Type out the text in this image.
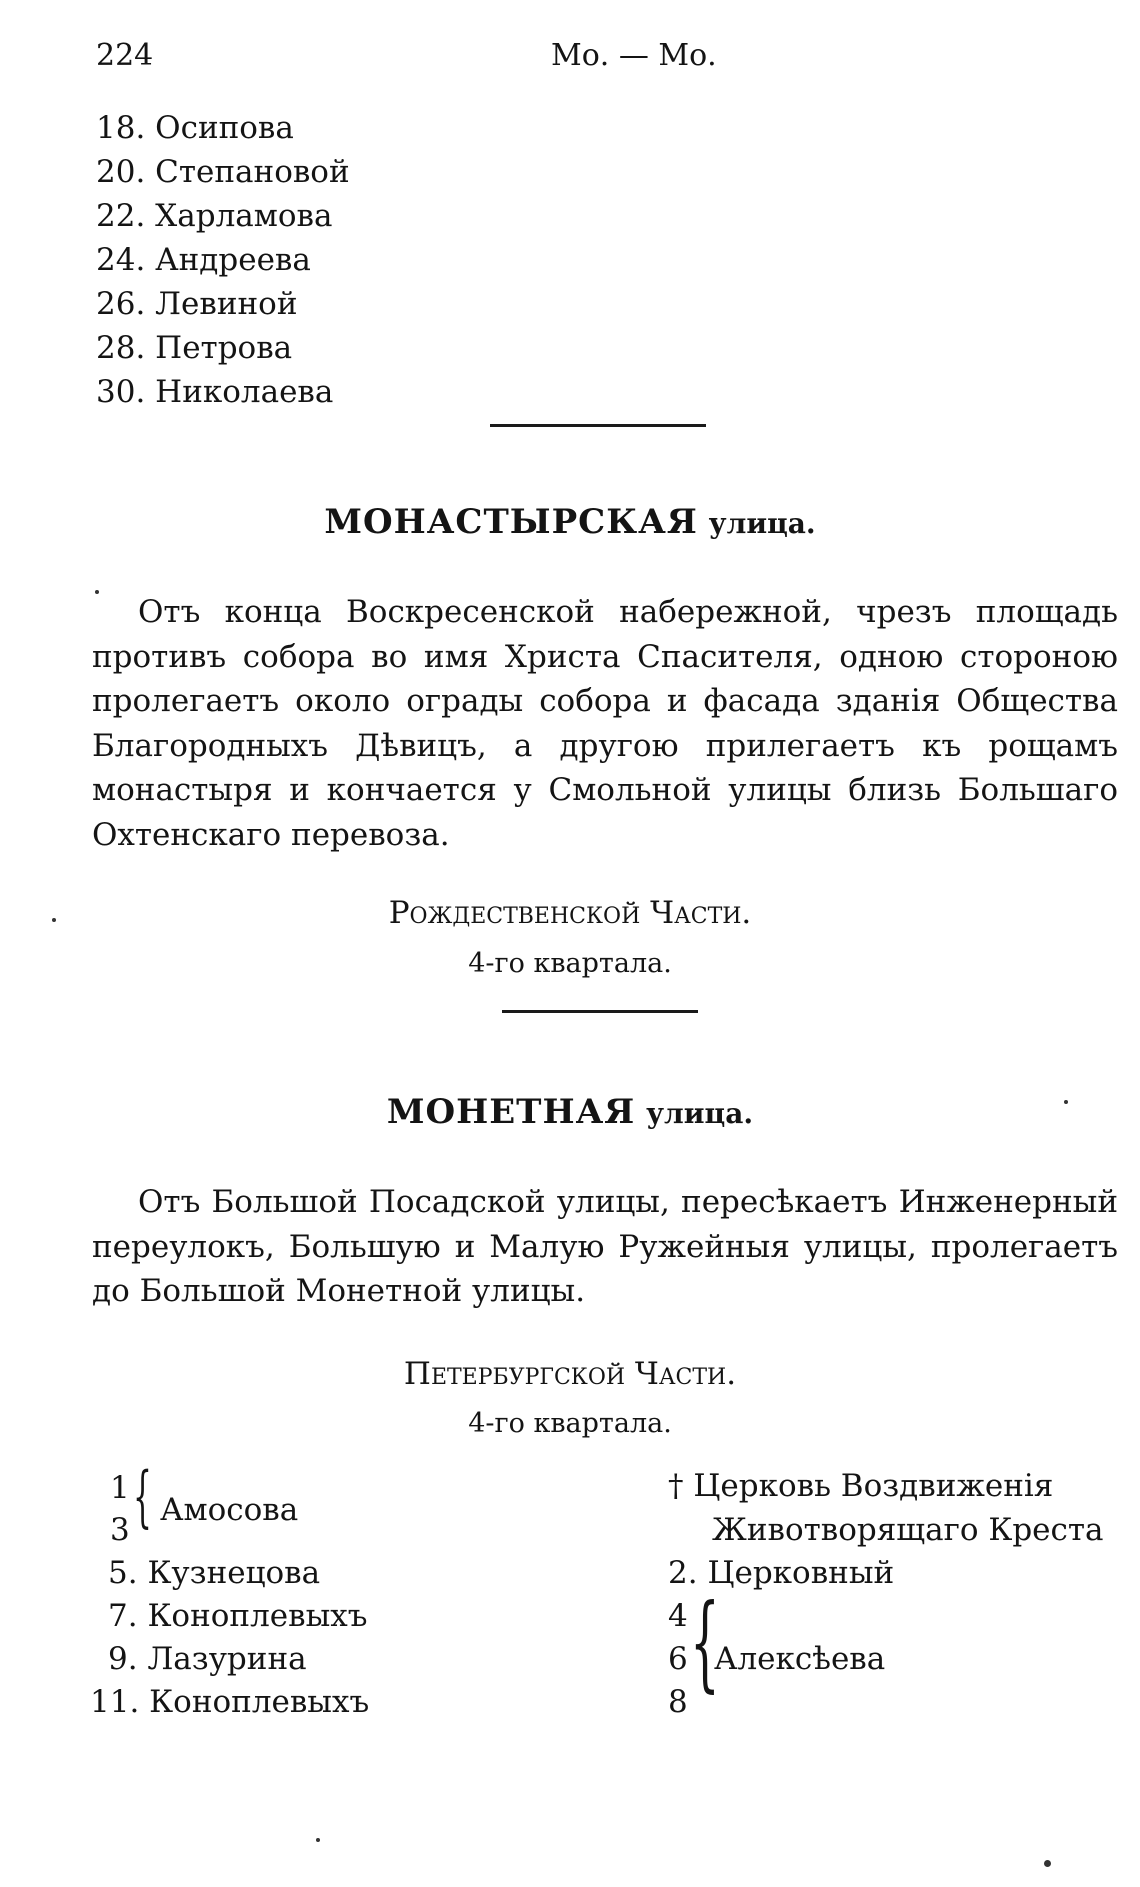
224	Мо. — Мо.
18. Осипова
20. Степановой
22. Харламова
24. Андреева
26. Левиной
28. Петрова
30. Николаева
МОНАСТЫРСКАЯ улица.
Отъ конца Воскресенской набережной, чрезъ площадь противъ собора во имя Христа Спасителя, одною стороною пролегаетъ около ограды собора и фасада зданія Общества Благородныхъ Дѣвицъ, а другою прилегаетъ къ рощамъ монастыря и кончается у Смольной улицы близь Большаго Охтенскаго перевоза.
Рождественской Части.
4-го квартала.
МОНЕТНАЯ улица.
Отъ Большой Посадской улицы, пересѣкаетъ Инженерный переулокъ, Большую и Малую Ружейныя улицы, пролегаетъ до Большой Монетной улицы.
Петербургской Части.
4-го квартала.
1
3 { Амосова
5. Кузнецова
7. Коноплевыхъ
9. Лазурина
11. Коноплевыхъ
† Церковь Воздвиженія
Животворящаго Креста
2. Церковный
4
6
8 {
Алексѣева
